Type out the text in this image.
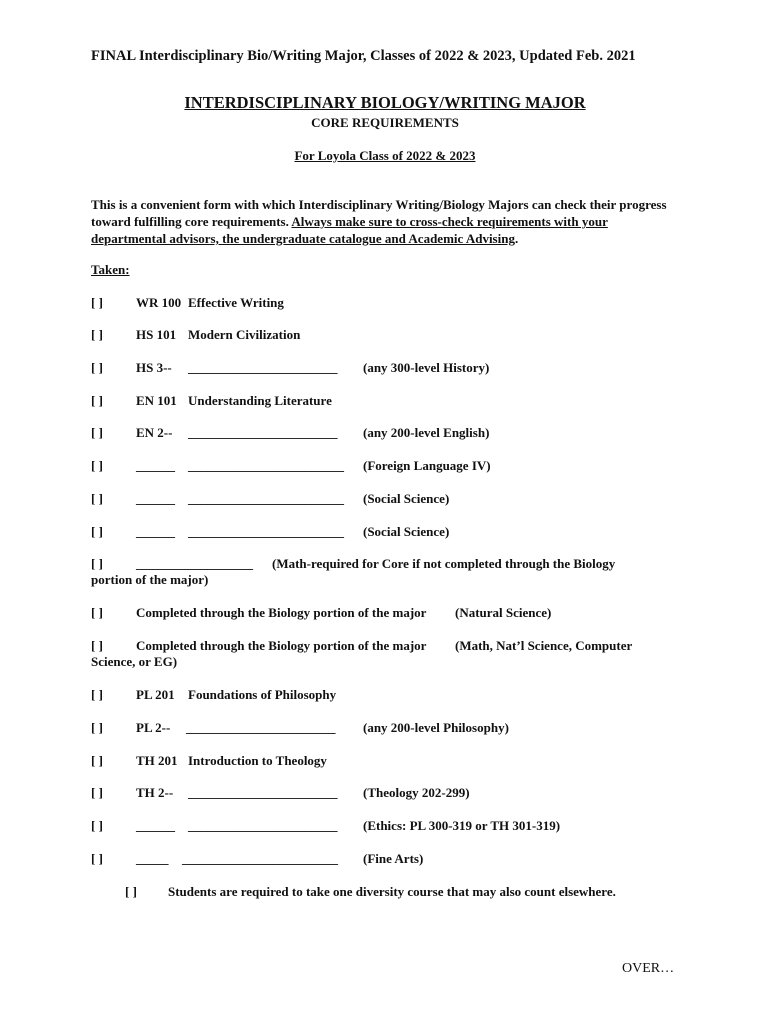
FINAL Interdisciplinary Bio/Writing Major, Classes of 2022 & 2023, Updated Feb. 2021
INTERDISCIPLINARY BIOLOGY/WRITING MAJOR
CORE REQUIREMENTS
For Loyola Class of 2022 & 2023
This is a convenient form with which Interdisciplinary Writing/Biology Majors can check their progress toward fulfilling core requirements. Always make sure to cross-check requirements with your departmental advisors, the undergraduate catalogue and Academic Advising.
Taken:
[ ]	WR 100 Effective Writing
[ ]	HS 101 Modern Civilization
[ ]	HS 3-- _______________________ (any 300-level History)
[ ]	EN 101 Understanding Literature
[ ]	EN 2-- _______________________ (any 200-level English)
[ ]	______ ________________________ (Foreign Language IV)
[ ]	______ ________________________ (Social Science)
[ ]	______ ________________________ (Social Science)
[ ]	__________________ (Math-required for Core if not completed through the Biology
portion of the major)
[ ]	Completed through the Biology portion of the major (Natural Science)
[ ]	Completed through the Biology portion of the major (Math, Nat’l Science, Computer
Science, or EG)
[ ]	PL 201 Foundations of Philosophy
[ ]	PL 2-- _______________________ (any 200-level Philosophy)
[ ]	TH 201 Introduction to Theology
[ ]	TH 2-- _______________________ (Theology 202-299)
[ ]	______ _______________________ (Ethics: PL 300-319 or TH 301-319)
[ ]	_____ ________________________ (Fine Arts)
[ ] Students are required to take one diversity course that may also count elsewhere.
OVER…
